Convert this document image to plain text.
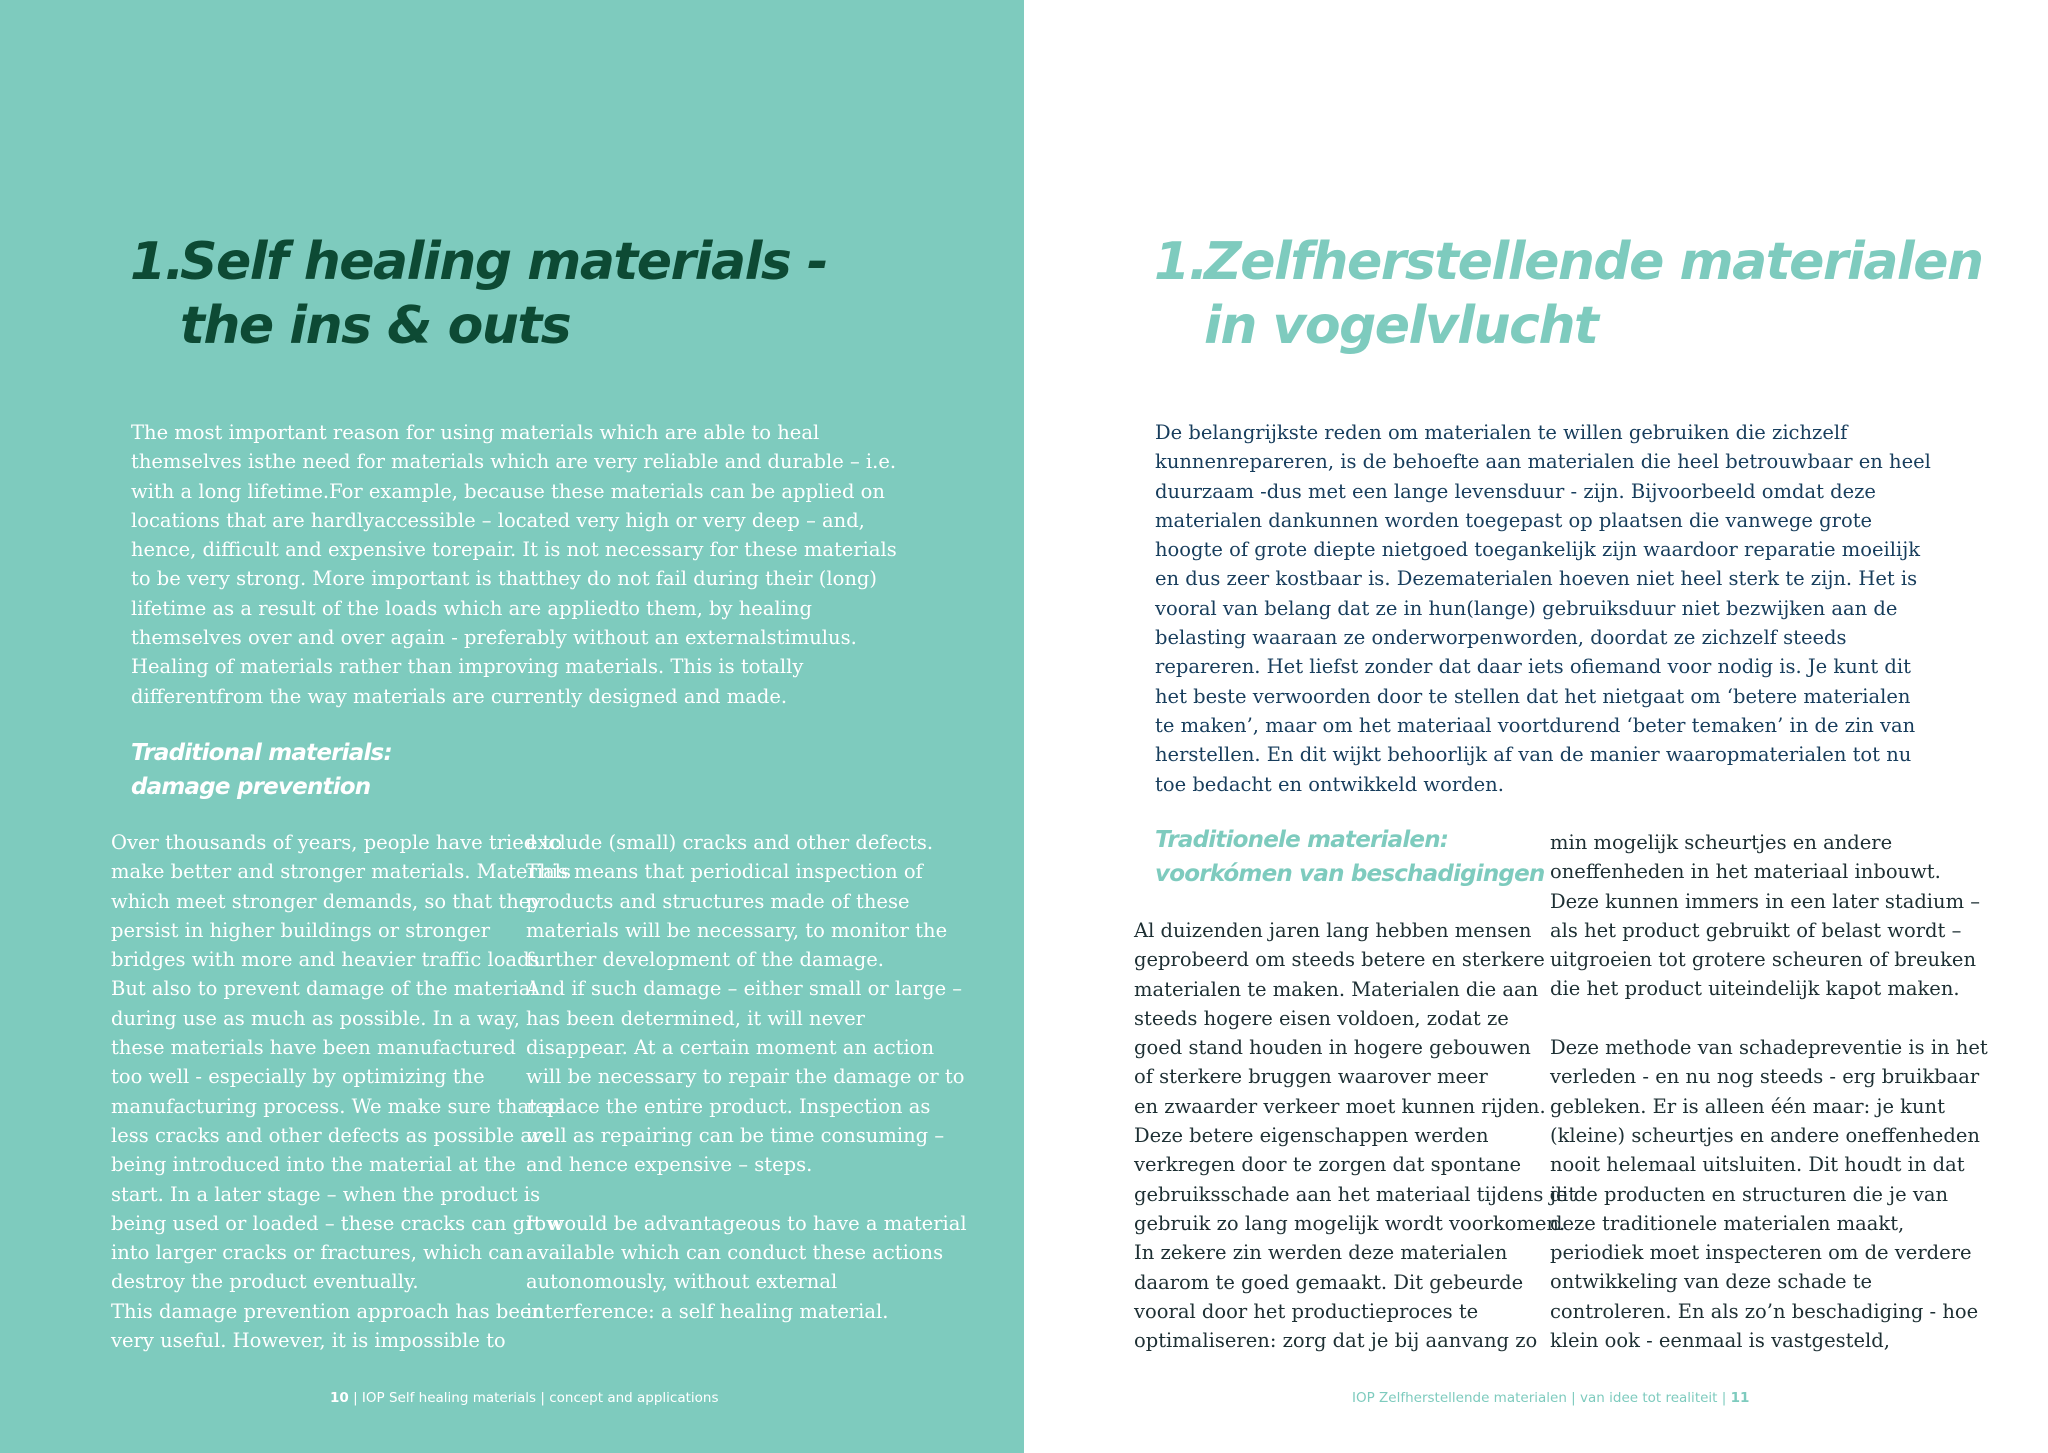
1.
Self healing materials -
the ins & outs

The most important reason for using materials which are able to heal themselves isthe need for materials which are very reliable and durable – i.e. with a long lifetime.For example, because these materials can be applied on locations that are hardlyaccessible – located very high or very deep – and, hence, difficult and expensive torepair. It is not necessary for these materials to be very strong. More important is thatthey do not fail during their (long) lifetime as a result of the loads which are appliedto them, by healing themselves over and over again - preferably without an externalstimulus. Healing of materials rather than improving materials. This is totally differentfrom the way materials are currently designed and made.

Traditional materials:
damage prevention
Over thousands of years, people have tried to
make better and stronger materials. Materials
which meet stronger demands, so that they
persist in higher buildings or stronger
bridges with more and heavier traffic loads.
But also to prevent damage of the material
during use as much as possible. In a way,
these materials have been manufactured
too well - especially by optimizing the
manufacturing process. We make sure that as
less cracks and other defects as possible are
being introduced into the material at the
start. In a later stage – when the product is
being used or loaded – these cracks can grow
into larger cracks or fractures, which can
destroy the product eventually.
This damage prevention approach has been
very useful. However, it is impossible to
exclude (small) cracks and other defects.
This means that periodical inspection of
products and structures made of these
materials will be necessary, to monitor the
further development of the damage.
And if such damage – either small or large –
has been determined, it will never
disappear. At a certain moment an action
will be necessary to repair the damage or to
replace the entire product. Inspection as
well as repairing can be time consuming –
and hence expensive – steps.
It would be advantageous to have a material
available which can conduct these actions
autonomously, without external
interference: a self healing material.
10 | IOP Self healing materials | concept and applications
1.
Zelfherstellende materialen
in vogelvlucht

De belangrijkste reden om materialen te willen gebruiken die zichzelf kunnenrepareren, is de behoefte aan materialen die heel betrouwbaar en heel duurzaam -dus met een lange levensduur - zijn. Bijvoorbeeld omdat deze materialen dankunnen worden toegepast op plaatsen die vanwege grote hoogte of grote diepte nietgoed toegankelijk zijn waardoor reparatie moeilijk en dus zeer kostbaar is. Dezematerialen hoeven niet heel sterk te zijn. Het is vooral van belang dat ze in hun(lange) gebruiksduur niet bezwijken aan de belasting waaraan ze onderworpenworden, doordat ze zichzelf steeds repareren. Het liefst zonder dat daar iets ofiemand voor nodig is. Je kunt dit het beste verwoorden door te stellen dat het nietgaat om ‘betere materialen te maken’, maar om het materiaal voortdurend ‘beter temaken’ in de zin van herstellen. En dit wijkt behoorlijk af van de manier waaropmaterialen tot nu toe bedacht en ontwikkeld worden.

Traditionele materialen:
voorkómen van beschadigingen
Al duizenden jaren lang hebben mensen
geprobeerd om steeds betere en sterkere
materialen te maken. Materialen die aan
steeds hogere eisen voldoen, zodat ze
goed stand houden in hogere gebouwen
of sterkere bruggen waarover meer
en zwaarder verkeer moet kunnen rijden.
Deze betere eigenschappen werden
verkregen door te zorgen dat spontane
gebruiksschade aan het materiaal tijdens dit
gebruik zo lang mogelijk wordt voorkomen.
In zekere zin werden deze materialen
daarom te goed gemaakt. Dit gebeurde
vooral door het productieproces te
optimaliseren: zorg dat je bij aanvang zo
min mogelijk scheurtjes en andere
oneffenheden in het materiaal inbouwt.
Deze kunnen immers in een later stadium –
als het product gebruikt of belast wordt –
uitgroeien tot grotere scheuren of breuken
die het product uiteindelijk kapot maken.
Deze methode van schadepreventie is in het
verleden - en nu nog steeds - erg bruikbaar
gebleken. Er is alleen één maar: je kunt
(kleine) scheurtjes en andere oneffenheden
nooit helemaal uitsluiten. Dit houdt in dat
je de producten en structuren die je van
deze traditionele materialen maakt,
periodiek moet inspecteren om de verdere
ontwikkeling van deze schade te
controleren. En als zo’n beschadiging - hoe
klein ook - eenmaal is vastgesteld,
IOP Zelfherstellende materialen | van idee tot realiteit | 11
